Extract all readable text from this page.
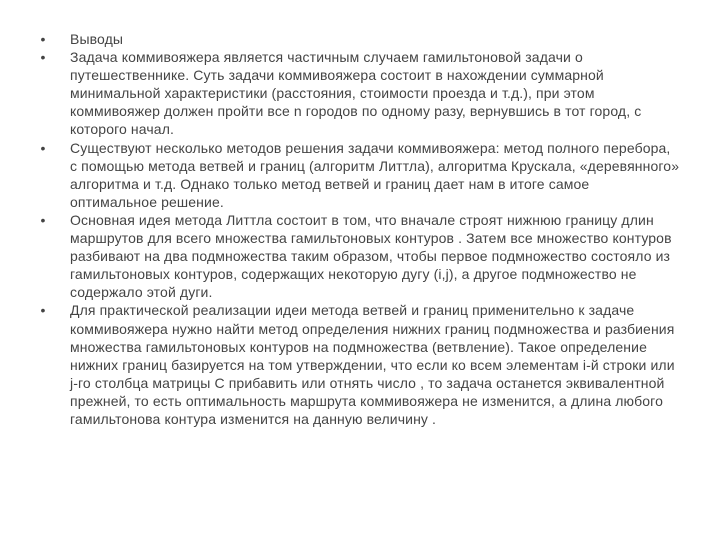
• Выводы
• Задача коммивояжера является частичным случаем гамильтоновой задачи о путешественнике. Суть задачи коммивояжера состоит в нахождении суммарной минимальной характеристики (расстояния, стоимости проезда и т.д.), при этом коммивояжер должен пройти все n городов по одному разу, вернувшись в тот город, с которого начал.
• Существуют несколько методов решения задачи коммивояжера: метод полного перебора, с помощью метода ветвей и границ (алгоритм Литтла), алгоритма Крускала, «деревянного» алгоритма и т.д. Однако только метод ветвей и границ дает нам в итоге самое оптимальное решение.
• Основная идея метода Литтла состоит в том, что вначале строят нижнюю границу длин маршрутов для всего множества гамильтоновых контуров . Затем все множество контуров разбивают на два подмножества таким образом, чтобы первое подмножество состояло из гамильтоновых контуров, содержащих некоторую дугу (i,j), а другое подмножество не содержало этой дуги.
• Для практической реализации идеи метода ветвей и границ применительно к задаче коммивояжера нужно найти метод определения нижних границ подмножества и разбиения множества гамильтоновых контуров на подмножества (ветвление). Такое определение нижних границ базируется на том утверждении, что если ко всем элементам i-й строки или j-го столбца матрицы С прибавить или отнять число , то задача останется эквивалентной прежней, то есть оптимальность маршрута коммивояжера не изменится, а длина любого гамильтонова контура изменится на данную величину .
